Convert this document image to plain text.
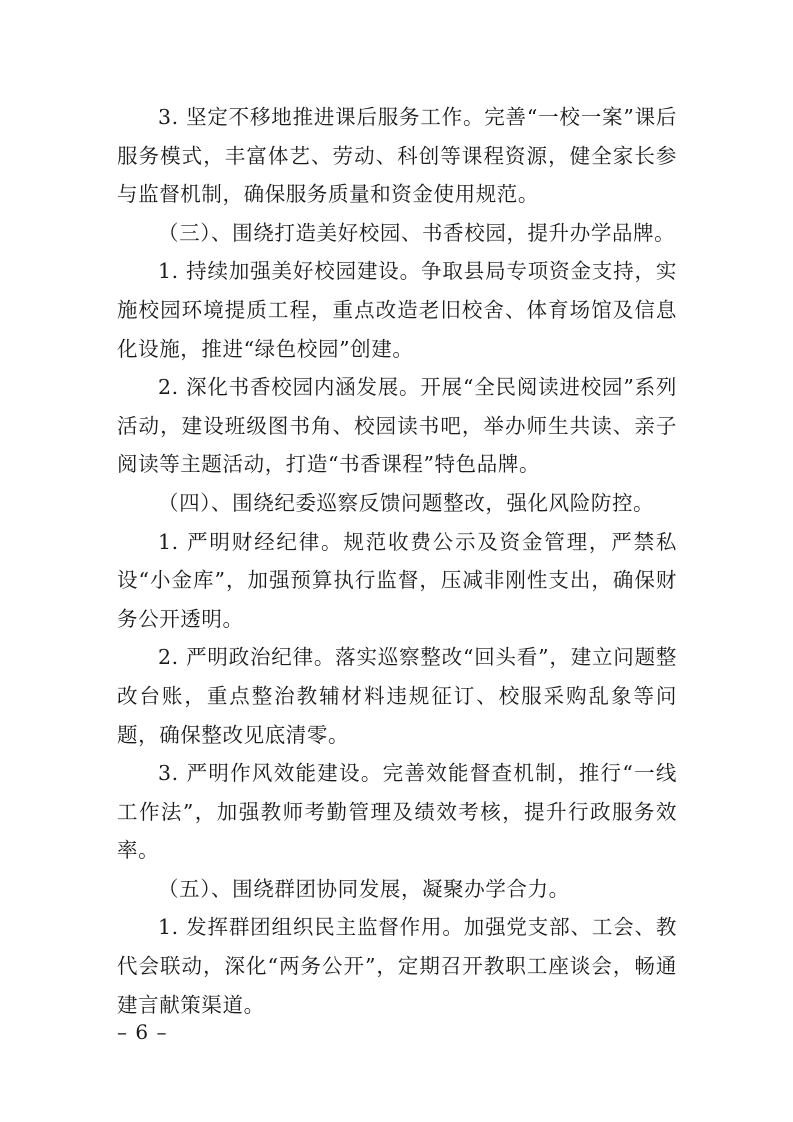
3. 坚定不移地推进课后服务工作。完善“一校一案”课后服务模式，丰富体艺、劳动、科创等课程资源，健全家长参与监督机制，确保服务质量和资金使用规范。

（三）、围绕打造美好校园、书香校园，提升办学品牌。

1. 持续加强美好校园建设。争取县局专项资金支持，实施校园环境提质工程，重点改造老旧校舍、体育场馆及信息化设施，推进“绿色校园”创建。

2. 深化书香校园内涵发展。开展“全民阅读进校园”系列活动，建设班级图书角、校园读书吧，举办师生共读、亲子阅读等主题活动，打造“书香课程”特色品牌。

（四）、围绕纪委巡察反馈问题整改，强化风险防控。

1. 严明财经纪律。规范收费公示及资金管理，严禁私设“小金库”，加强预算执行监督，压减非刚性支出，确保财务公开透明。

2. 严明政治纪律。落实巡察整改“回头看”，建立问题整改台账，重点整治教辅材料违规征订、校服采购乱象等问题，确保整改见底清零。

3. 严明作风效能建设。完善效能督查机制，推行“一线工作法”，加强教师考勤管理及绩效考核，提升行政服务效率。

（五）、围绕群团协同发展，凝聚办学合力。

1. 发挥群团组织民主监督作用。加强党支部、工会、教代会联动，深化“两务公开”，定期召开教职工座谈会，畅通建言献策渠道。

– 6 –
